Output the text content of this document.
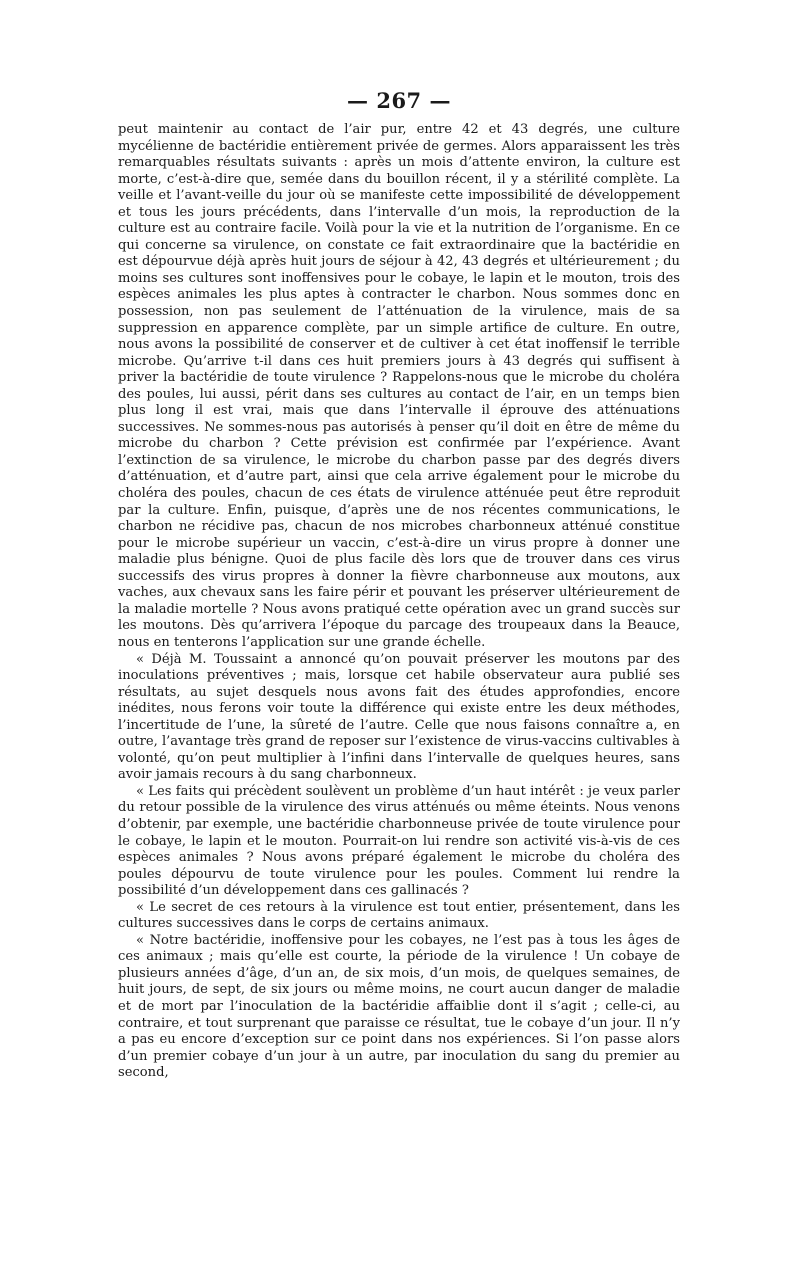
— 267 —

peut maintenir au contact de l’air pur, entre 42 et 43 degrés, une culture mycélienne de bactéridie entièrement privée de germes. Alors apparaissent les très remarquables résultats suivants : après un mois d’attente environ, la culture est morte, c’est-à-dire que, semée dans du bouillon récent, il y a stérilité complète. La veille et l’avant-veille du jour où se manifeste cette impossibilité de développement et tous les jours précédents, dans l’intervalle d’un mois, la reproduction de la culture est au contraire facile. Voilà pour la vie et la nutrition de l’organisme. En ce qui concerne sa virulence, on constate ce fait extraordinaire que la bactéridie en est dépourvue déjà après huit jours de séjour à 42, 43 degrés et ultérieurement ; du moins ses cultures sont inoffensives pour le cobaye, le lapin et le mouton, trois des espèces animales les plus aptes à contracter le charbon. Nous sommes donc en possession, non pas seulement de l’atténuation de la virulence, mais de sa suppression en apparence complète, par un simple artifice de culture. En outre, nous avons la possibilité de conserver et de cultiver à cet état inoffensif le terrible microbe. Qu’arrive t-il dans ces huit premiers jours à 43 degrés qui suffisent à priver la bactéridie de toute virulence ? Rappelons-nous que le microbe du choléra des poules, lui aussi, périt dans ses cultures au contact de l’air, en un temps bien plus long il est vrai, mais que dans l’intervalle il éprouve des atténuations successives. Ne sommes-nous pas autorisés à penser qu’il doit en être de même du microbe du charbon ? Cette prévision est confirmée par l’expérience. Avant l’extinction de sa virulence, le microbe du charbon passe par des degrés divers d’atténuation, et d’autre part, ainsi que cela arrive également pour le microbe du choléra des poules, chacun de ces états de virulence atténuée peut être reproduit par la culture. Enfin, puisque, d’après une de nos récentes communications, le charbon ne récidive pas, chacun de nos microbes charbonneux atténué constitue pour le microbe supérieur un vaccin, c’est-à-dire un virus propre à donner une maladie plus bénigne. Quoi de plus facile dès lors que de trouver dans ces virus successifs des virus propres à donner la fièvre charbonneuse aux moutons, aux vaches, aux chevaux sans les faire périr et pouvant les préserver ultérieurement de la maladie mortelle ? Nous avons pratiqué cette opération avec un grand succès sur les moutons. Dès qu’arrivera l’époque du parcage des troupeaux dans la Beauce, nous en tenterons l’application sur une grande échelle.

« Déjà M. Toussaint a annoncé qu’on pouvait préserver les moutons par des inoculations préventives ; mais, lorsque cet habile observateur aura publié ses résultats, au sujet desquels nous avons fait des études approfondies, encore inédites, nous ferons voir toute la différence qui existe entre les deux méthodes, l’incertitude de l’une, la sûreté de l’autre. Celle que nous faisons connaître a, en outre, l’avantage très grand de reposer sur l’existence de virus-vaccins cultivables à volonté, qu’on peut multiplier à l’infini dans l’intervalle de quelques heures, sans avoir jamais recours à du sang charbonneux.

« Les faits qui précèdent soulèvent un problème d’un haut intérêt : je veux parler du retour possible de la virulence des virus atténués ou même éteints. Nous venons d’obtenir, par exemple, une bactéridie charbonneuse privée de toute virulence pour le cobaye, le lapin et le mouton. Pourrait-on lui rendre son activité vis-à-vis de ces espèces animales ? Nous avons préparé également le microbe du choléra des poules dépourvu de toute virulence pour les poules. Comment lui rendre la possibilité d’un développement dans ces gallinacés ?

« Le secret de ces retours à la virulence est tout entier, présentement, dans les cultures successives dans le corps de certains animaux.

« Notre bactéridie, inoffensive pour les cobayes, ne l’est pas à tous les âges de ces animaux ; mais qu’elle est courte, la période de la virulence ! Un cobaye de plusieurs années d’âge, d’un an, de six mois, d’un mois, de quelques semaines, de huit jours, de sept, de six jours ou même moins, ne court aucun danger de maladie et de mort par l’inoculation de la bactéridie affaiblie dont il s’agit ; celle-ci, au contraire, et tout surprenant que paraisse ce résultat, tue le cobaye d’un jour. Il n’y a pas eu encore d’exception sur ce point dans nos expériences. Si l’on passe alors d’un premier cobaye d’un jour à un autre, par inoculation du sang du premier au second,
